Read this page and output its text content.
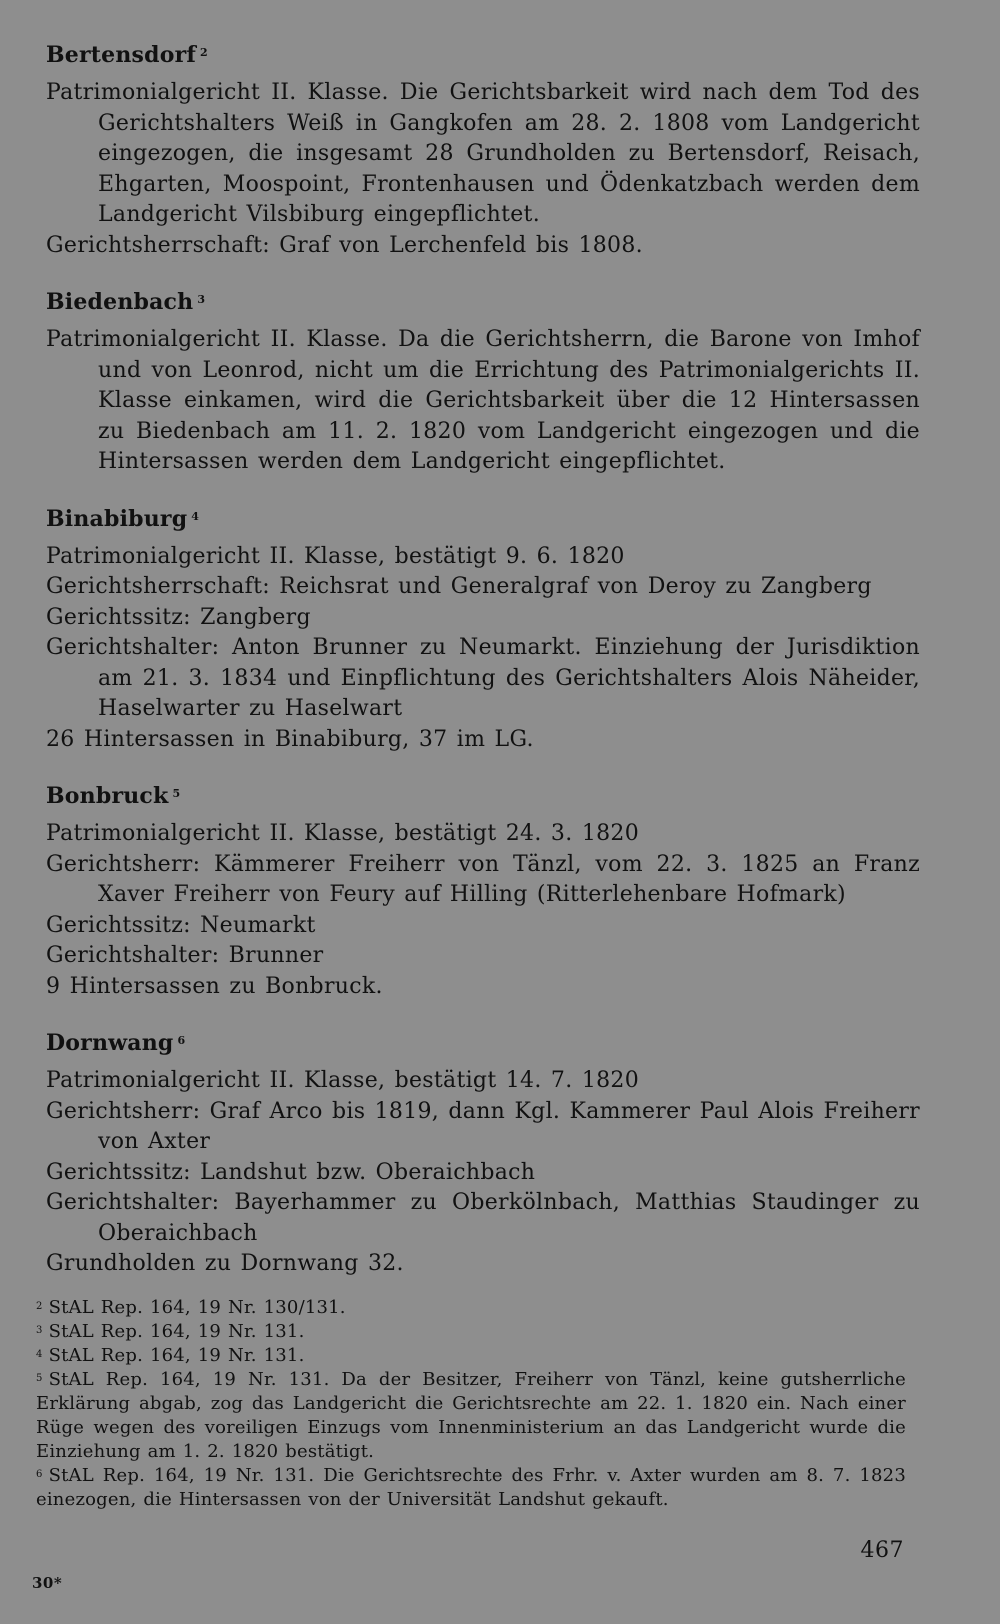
Bertensdorf $^2$
Patrimonialgericht II. Klasse. Die Gerichtsbarkeit wird nach dem Tod des Gerichtshalters Weiß in Gangkofen am 28. 2. 1808 vom Landgericht eingezogen, die insgesamt 28 Grundholden zu Bertensdorf, Reisach, Ehgarten, Moospoint, Frontenhausen und Ödenkatzbach werden dem Landgericht Vilsbiburg eingepflichtet.
Gerichtsherrschaft: Graf von Lerchenfeld bis 1808.
Biedenbach $^3$
Patrimonialgericht II. Klasse. Da die Gerichtsherrn, die Barone von Imhof und von Leonrod, nicht um die Errichtung des Patrimonialgerichts II. Klasse einkamen, wird die Gerichtsbarkeit über die 12 Hintersassen zu Biedenbach am 11. 2. 1820 vom Landgericht eingezogen und die Hintersassen werden dem Landgericht eingepflichtet.
Binabiburg $^4$
Patrimonialgericht II. Klasse, bestätigt 9. 6. 1820
Gerichtsherrschaft: Reichsrat und Generalgraf von Deroy zu Zangberg
Gerichtssitz: Zangberg
Gerichtshalter: Anton Brunner zu Neumarkt. Einziehung der Jurisdiktion am 21. 3. 1834 und Einpflichtung des Gerichtshalters Alois Näheider, Haselwarter zu Haselwart
26 Hintersassen in Binabiburg, 37 im LG.
Bonbruck $^5$
Patrimonialgericht II. Klasse, bestätigt 24. 3. 1820
Gerichtsherr: Kämmerer Freiherr von Tänzl, vom 22. 3. 1825 an Franz Xaver Freiherr von Feury auf Hilling (Ritterlehenbare Hofmark)
Gerichtssitz: Neumarkt
Gerichtshalter: Brunner
9 Hintersassen zu Bonbruck.
Dornwang $^6$
Patrimonialgericht II. Klasse, bestätigt 14. 7. 1820
Gerichtsherr: Graf Arco bis 1819, dann Kgl. Kammerer Paul Alois Freiherr von Axter
Gerichtssitz: Landshut bzw. Oberaichbach
Gerichtshalter: Bayerhammer zu Oberkölnbach, Matthias Staudinger zu Oberaichbach
Grundholden zu Dornwang 32.
$^2$ StAL Rep. 164, 19 Nr. 130/131.
$^3$ StAL Rep. 164, 19 Nr. 131.
$^4$ StAL Rep. 164, 19 Nr. 131.
$^5$ StAL Rep. 164, 19 Nr. 131. Da der Besitzer, Freiherr von Tänzl, keine gutsherrliche Erklärung abgab, zog das Landgericht die Gerichtsrechte am 22. 1. 1820 ein. Nach einer Rüge wegen des voreiligen Einzugs vom Innenministerium an das Landgericht wurde die Einziehung am 1. 2. 1820 bestätigt.
$^6$ StAL Rep. 164, 19 Nr. 131. Die Gerichtsrechte des Frhr. v. Axter wurden am 8. 7. 1823 einezogen, die Hintersassen von der Universität Landshut gekauft.
467
30*
